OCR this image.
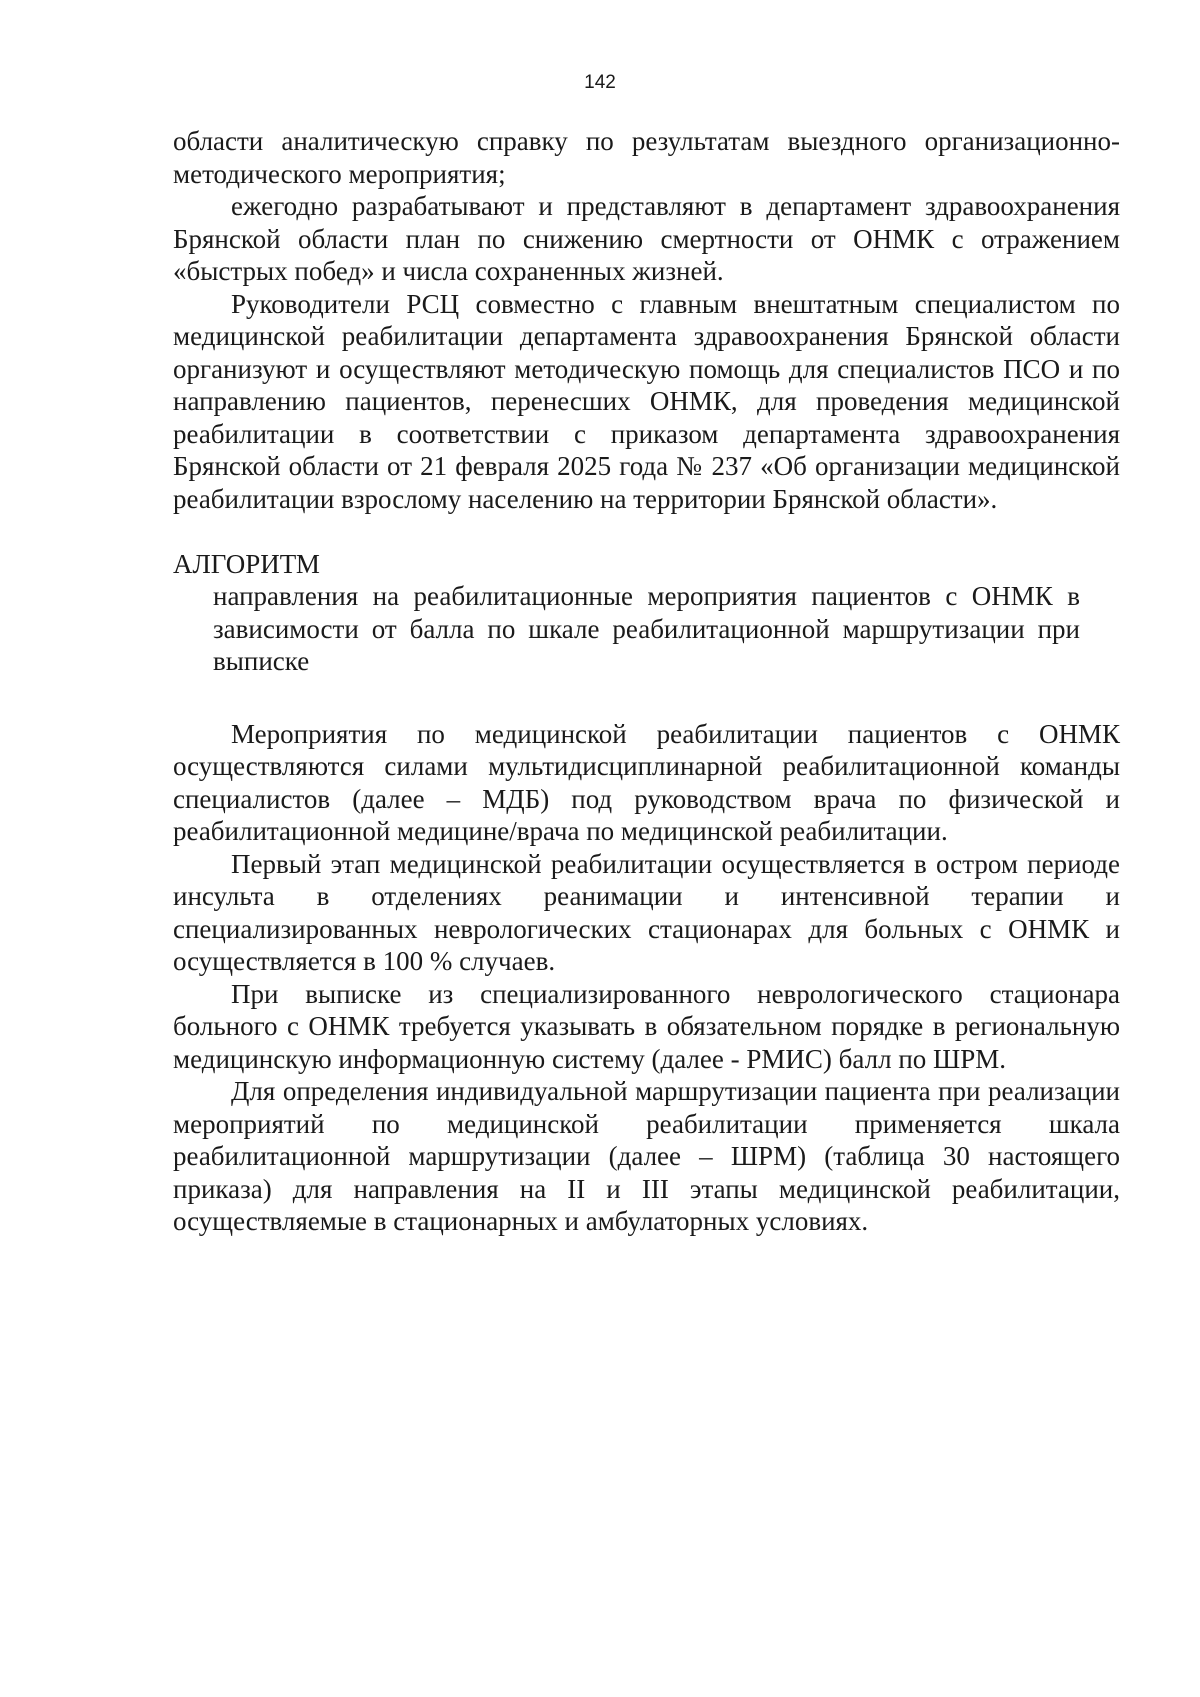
142

области аналитическую справку по результатам выездного организационно-методического мероприятия;

ежегодно разрабатывают и представляют в департамент здравоохранения Брянской области план по снижению смертности от ОНМК с отражением «быстрых побед» и числа сохраненных жизней.

Руководители РСЦ совместно с главным внештатным специалистом по медицинской реабилитации департамента здравоохранения Брянской области организуют и осуществляют методическую помощь для специалистов ПСО и по направлению пациентов, перенесших ОНМК, для проведения медицинской реабилитации в соответствии с приказом департамента здравоохранения Брянской области от 21 февраля 2025 года № 237 «Об организации медицинской реабилитации взрослому населению на территории Брянской области».

АЛГОРИТМ

направления на реабилитационные мероприятия пациентов с ОНМК в зависимости от балла по шкале реабилитационной маршрутизации при выписке

Мероприятия по медицинской реабилитации пациентов с ОНМК осуществляются силами мультидисциплинарной реабилитационной команды специалистов (далее – МДБ) под руководством врача по физической и реабилитационной медицине/врача по медицинской реабилитации.

Первый этап медицинской реабилитации осуществляется в остром периоде инсульта в отделениях реанимации и интенсивной терапии и специализированных неврологических стационарах для больных с ОНМК и осуществляется в 100 % случаев.

При выписке из специализированного неврологического стационара больного с ОНМК требуется указывать в обязательном порядке в региональную медицинскую информационную систему (далее - РМИС) балл по ШРМ.

Для определения индивидуальной маршрутизации пациента при реализации мероприятий по медицинской реабилитации применяется шкала реабилитационной маршрутизации (далее – ШРМ) (таблица 30 настоящего приказа) для направления на II и III этапы медицинской реабилитации, осуществляемые в стационарных и амбулаторных условиях.
